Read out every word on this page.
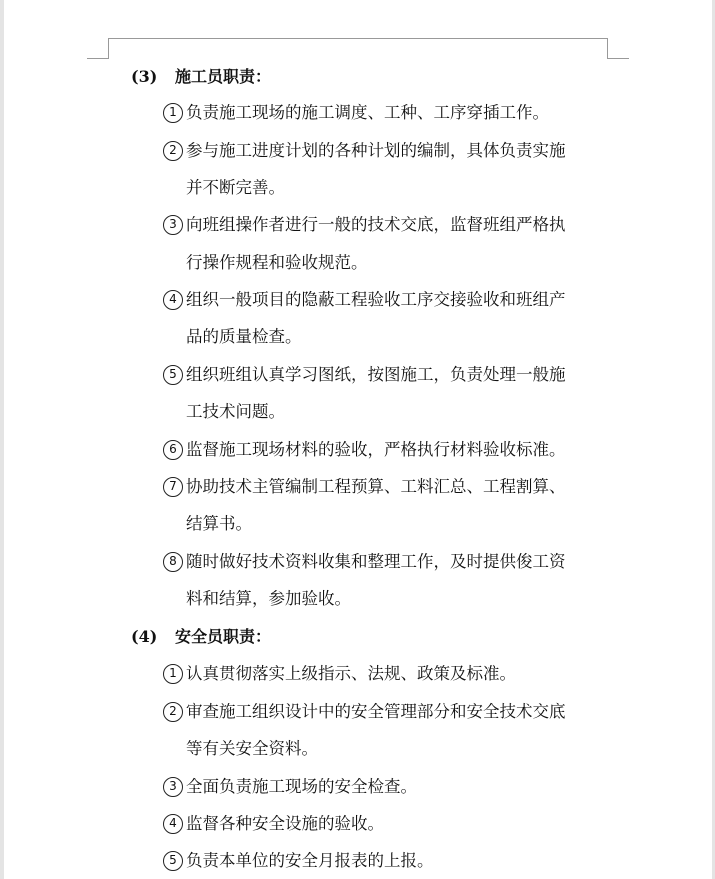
(3) 施工员职责：
1 负责施工现场的施工调度、工种、工序穿插工作。
2 参与施工进度计划的各种计划的编制，具体负责实施
并不断完善。
3 向班组操作者进行一般的技术交底，监督班组严格执
行操作规程和验收规范。
4 组织一般项目的隐蔽工程验收工序交接验收和班组产
品的质量检查。
5 组织班组认真学习图纸，按图施工，负责处理一般施
工技术问题。
6 监督施工现场材料的验收，严格执行材料验收标准。
7 协助技术主管编制工程预算、工料汇总、工程割算、
结算书。
8 随时做好技术资料收集和整理工作，及时提供俊工资
料和结算，参加验收。
(4) 安全员职责：
1 认真贯彻落实上级指示、法规、政策及标准。
2 审查施工组织设计中的安全管理部分和安全技术交底
等有关安全资料。
3 全面负责施工现场的安全检查。
4 监督各种安全设施的验收。
5 负责本单位的安全月报表的上报。
